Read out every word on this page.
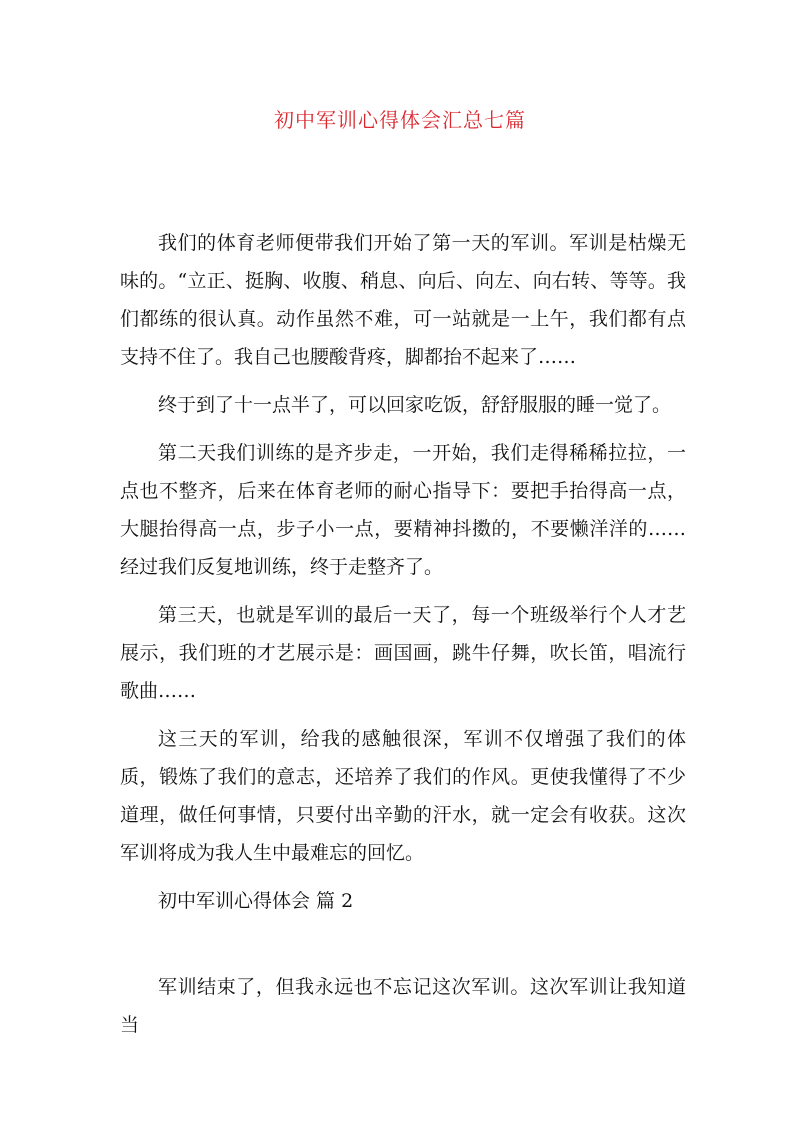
初中军训心得体会汇总七篇

我们的体育老师便带我们开始了第一天的军训。军训是枯燥无味的。“立正、挺胸、收腹、稍息、向后、向左、向右转、等等。我们都练的很认真。动作虽然不难，可一站就是一上午，我们都有点支持不住了。我自己也腰酸背疼，脚都抬不起来了……

终于到了十一点半了，可以回家吃饭，舒舒服服的睡一觉了。

第二天我们训练的是齐步走，一开始，我们走得稀稀拉拉，一点也不整齐，后来在体育老师的耐心指导下：要把手抬得高一点，大腿抬得高一点，步子小一点，要精神抖擞的，不要懒洋洋的……经过我们反复地训练，终于走整齐了。

第三天，也就是军训的最后一天了，每一个班级举行个人才艺展示，我们班的才艺展示是：画国画，跳牛仔舞，吹长笛，唱流行歌曲……

这三天的军训，给我的感触很深，军训不仅增强了我们的体质，锻炼了我们的意志，还培养了我们的作风。更使我懂得了不少道理，做任何事情，只要付出辛勤的汗水，就一定会有收获。这次军训将成为我人生中最难忘的回忆。

初中军训心得体会 篇 2

军训结束了，但我永远也不忘记这次军训。这次军训让我知道当
